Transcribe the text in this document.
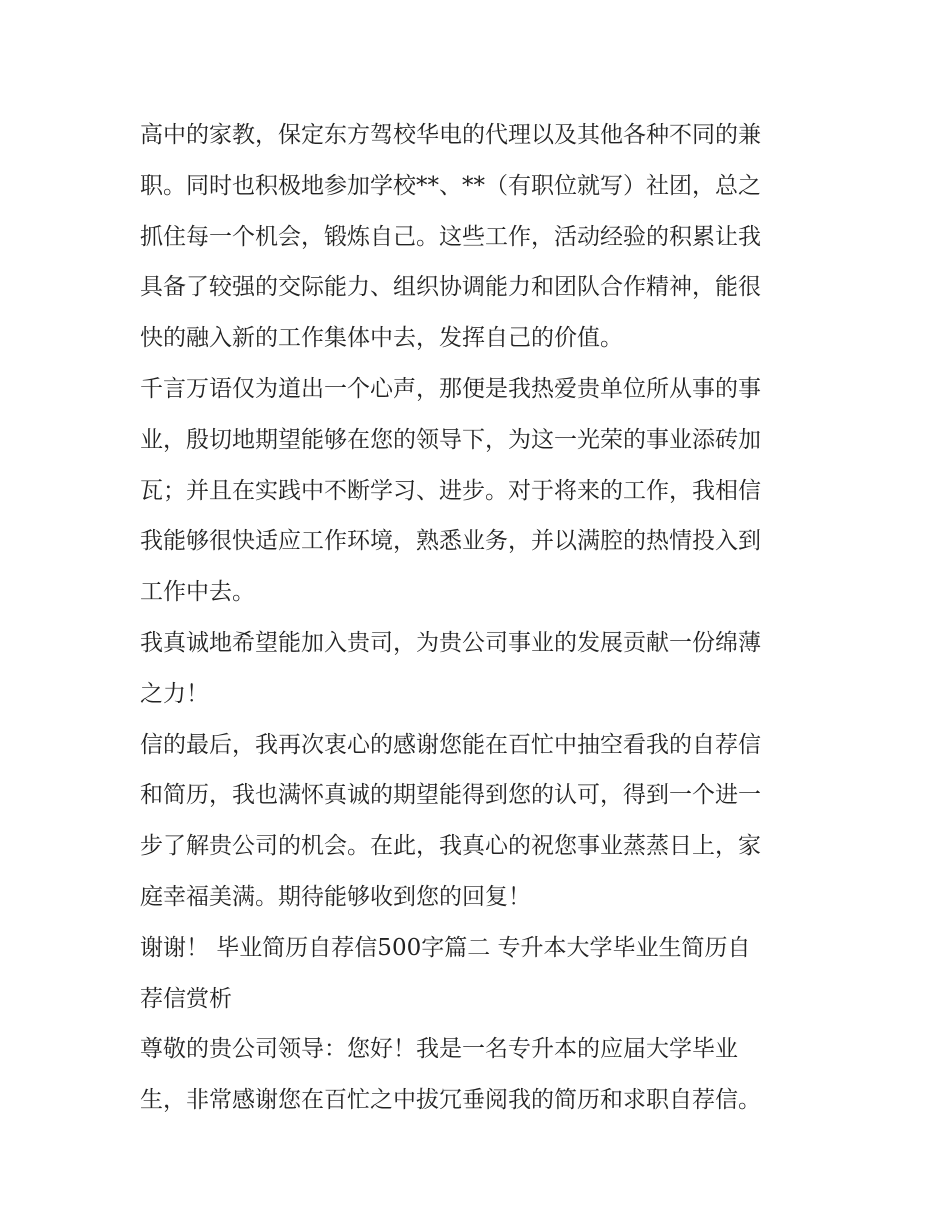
高中的家教，保定东方驾校华电的代理以及其他各种不同的兼
职。同时也积极地参加学校**、**（有职位就写）社团，总之
抓住每一个机会，锻炼自己。这些工作，活动经验的积累让我
具备了较强的交际能力、组织协调能力和团队合作精神，能很
快的融入新的工作集体中去，发挥自己的价值。
千言万语仅为道出一个心声，那便是我热爱贵单位所从事的事
业，殷切地期望能够在您的领导下，为这一光荣的事业添砖加
瓦；并且在实践中不断学习、进步。对于将来的工作，我相信
我能够很快适应工作环境，熟悉业务，并以满腔的热情投入到
工作中去。
我真诚地希望能加入贵司，为贵公司事业的发展贡献一份绵薄
之力！
信的最后，我再次衷心的感谢您能在百忙中抽空看我的自荐信
和简历，我也满怀真诚的期望能得到您的认可，得到一个进一
步了解贵公司的机会。在此，我真心的祝您事业蒸蒸日上，家
庭幸福美满。期待能够收到您的回复！
谢谢！ 毕业简历自荐信500字篇二 专升本大学毕业生简历自
荐信赏析
尊敬的贵公司领导：您好！我是一名专升本的应届大学毕业
生，非常感谢您在百忙之中拔冗垂阅我的简历和求职自荐信。
